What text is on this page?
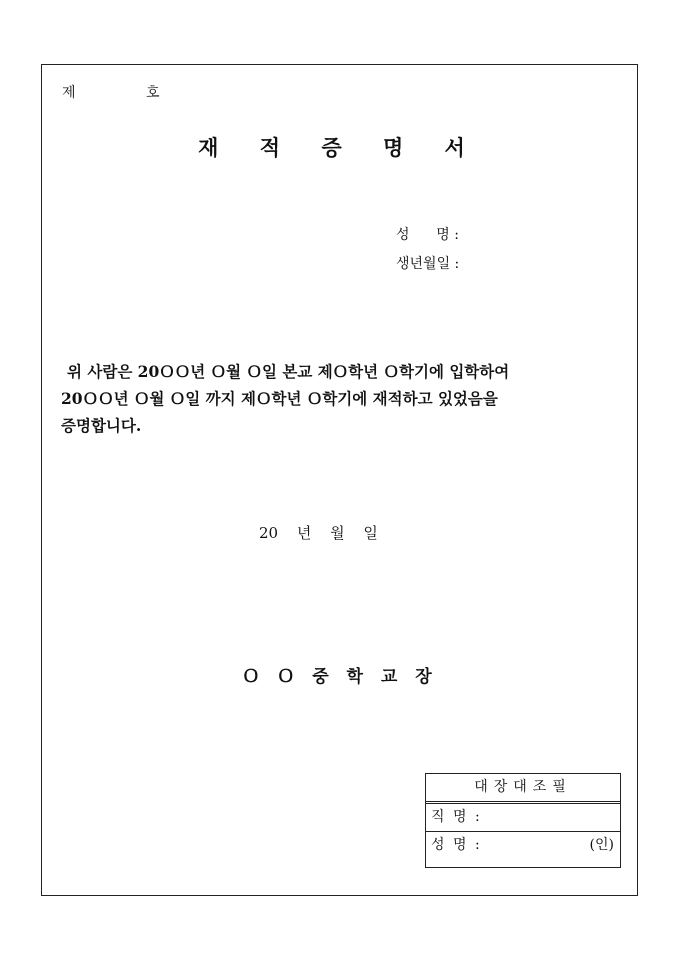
제	호
재 적 증 명 서
성      명 :
생년월일 :
위 사람은 20ＯＯ년 Ｏ월 Ｏ일 본교 제Ｏ학년 Ｏ학기에 입학하여
20ＯＯ년 Ｏ월 Ｏ일 까지 제Ｏ학년 Ｏ학기에 재적하고 있었음을
증명합니다.
20 년 월 일
Ｏ Ｏ 중 학 교 장
대장대조필
직 명 :
성 명 :	(인)
